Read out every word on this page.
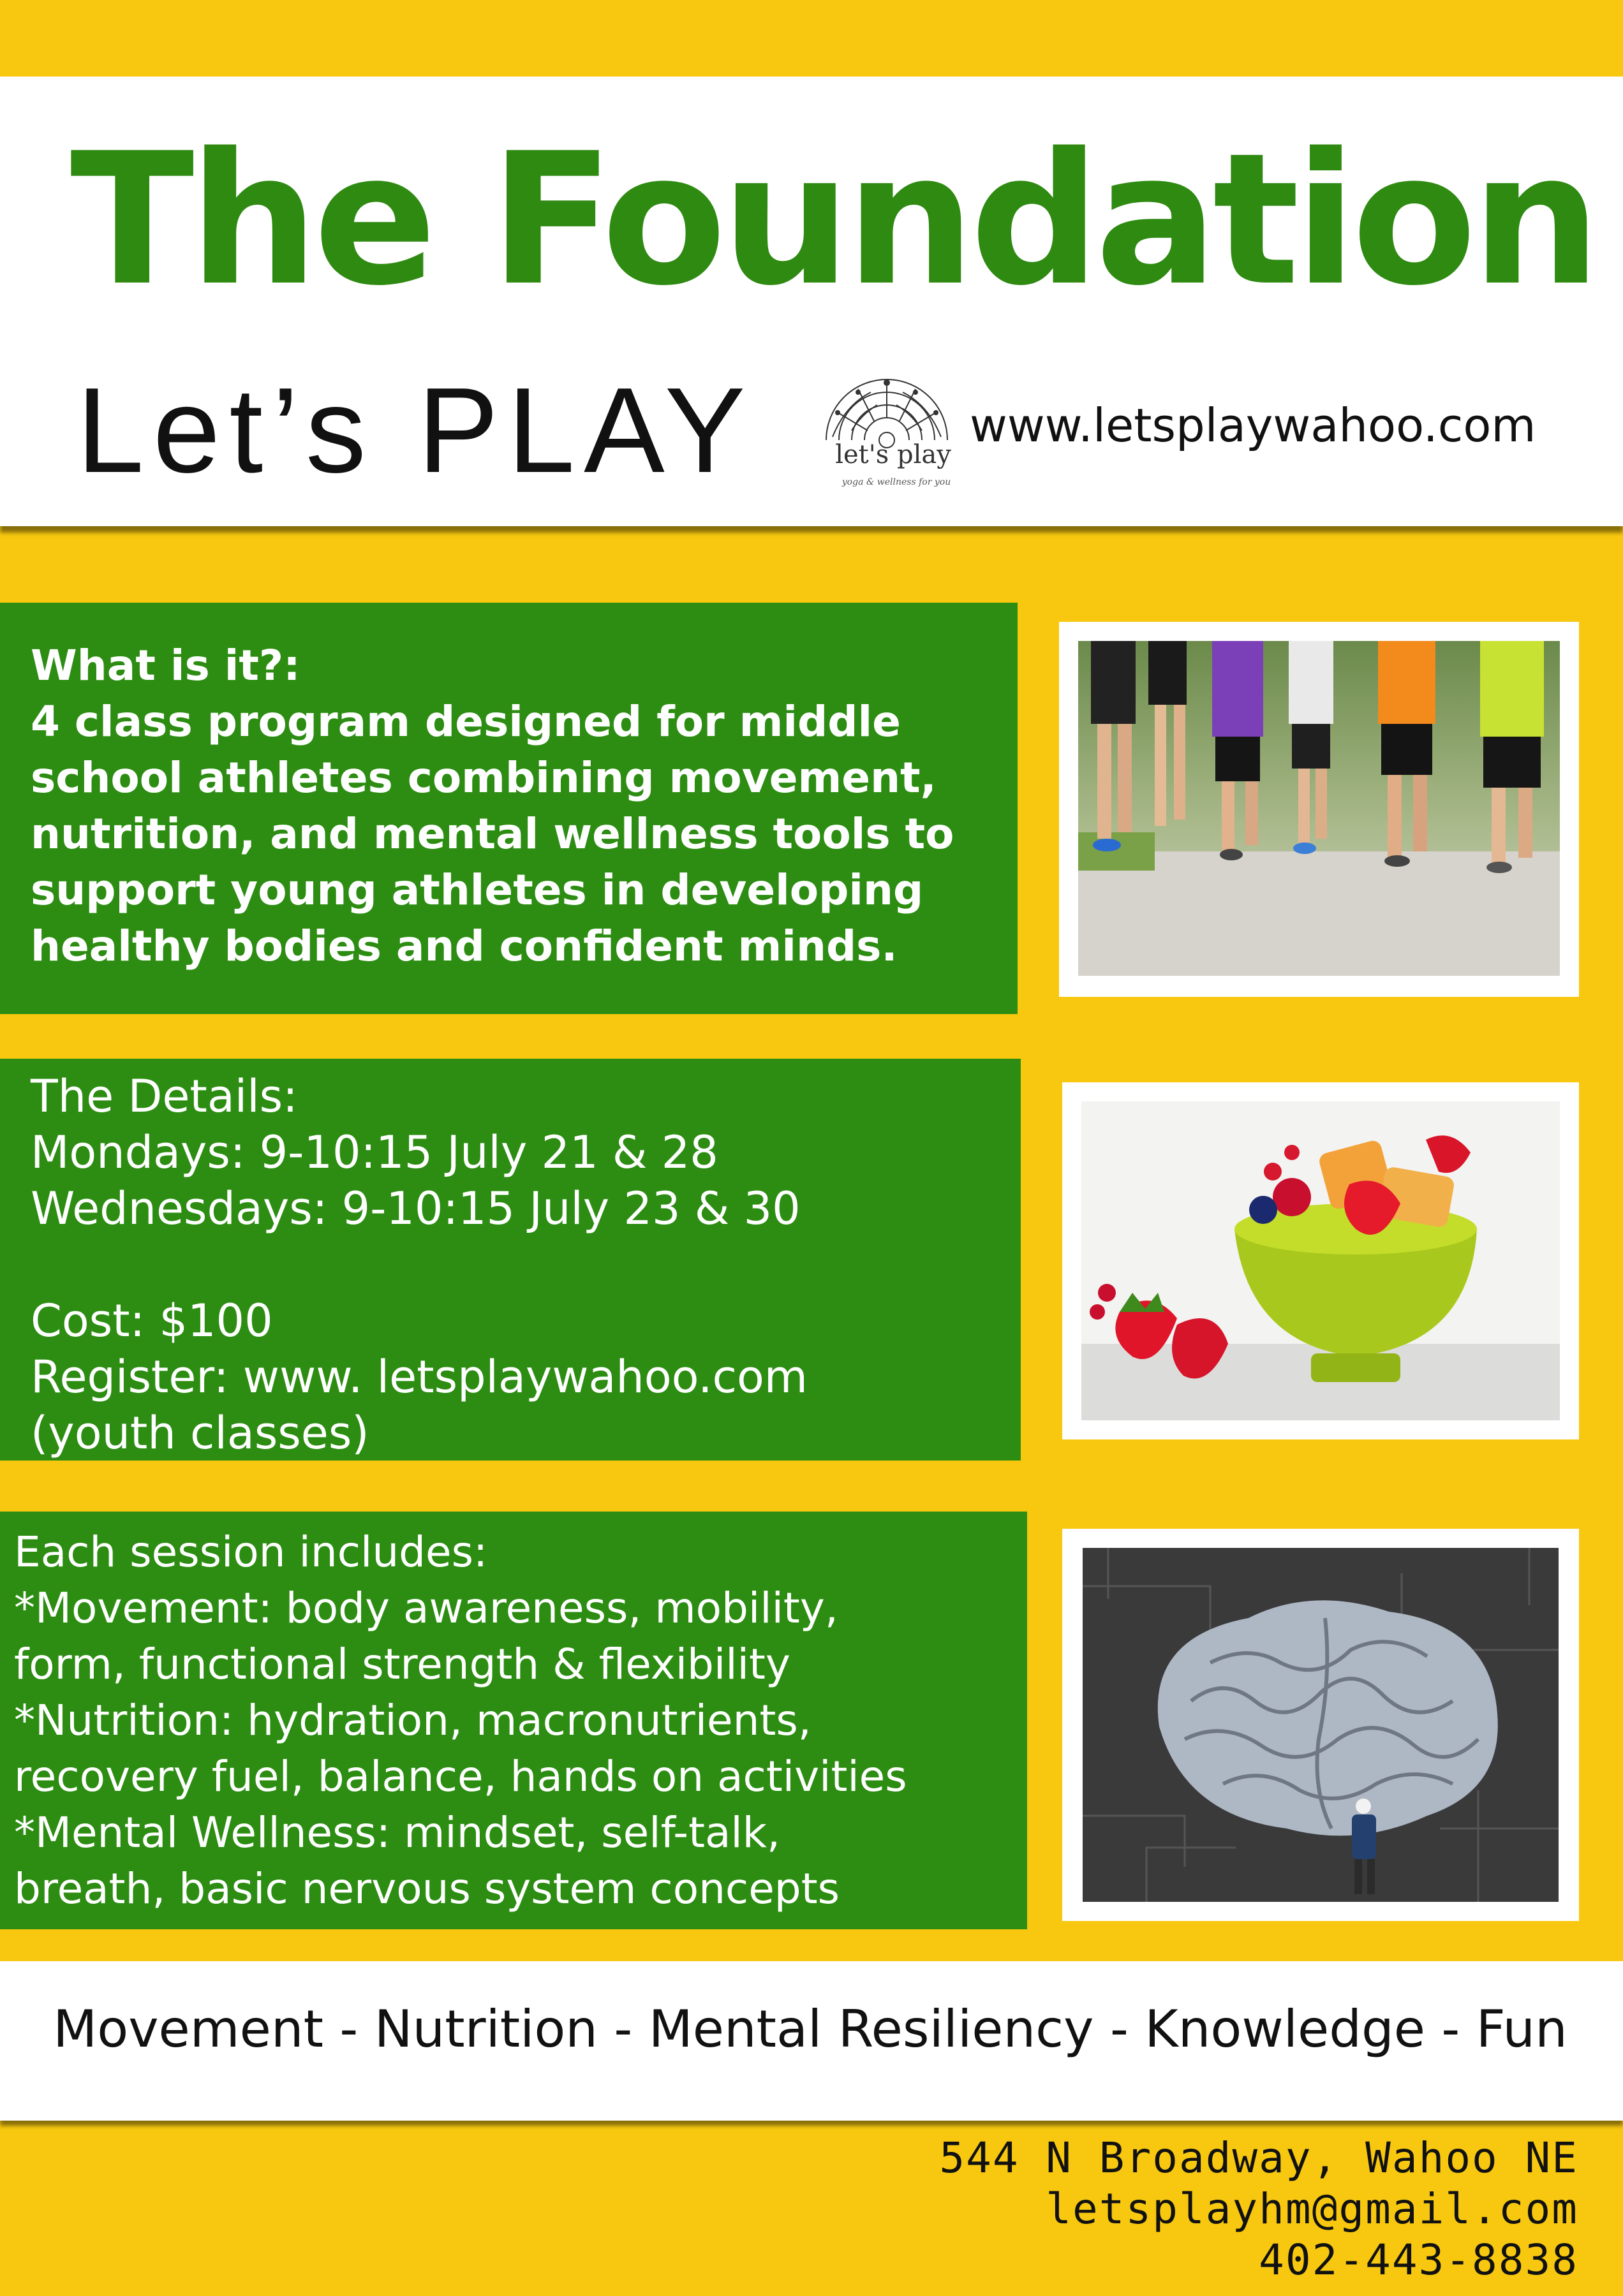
The Foundation
Let’s PLAY	let's play
yoga & wellness for you
www.letsplaywahoo.com
What is it?:
4 class program designed for middle
school athletes combining movement,
nutrition, and mental wellness tools to
support young athletes in developing
healthy bodies and confident minds.
The Details:
Mondays: 9-10:15 July 21 & 28
Wednesdays: 9-10:15 July 23 & 30
Cost: $100
Register: www. letsplaywahoo.com
(youth classes)
Each session includes:
*Movement: body awareness, mobility,
form, functional strength & flexibility
*Nutrition: hydration, macronutrients,
recovery fuel, balance, hands on activities
*Mental Wellness: mindset, self-talk,
breath, basic nervous system concepts
Movement - Nutrition - Mental Resiliency - Knowledge - Fun
544 N Broadway, Wahoo NE
letsplayhm@gmail.com
402-443-8838
